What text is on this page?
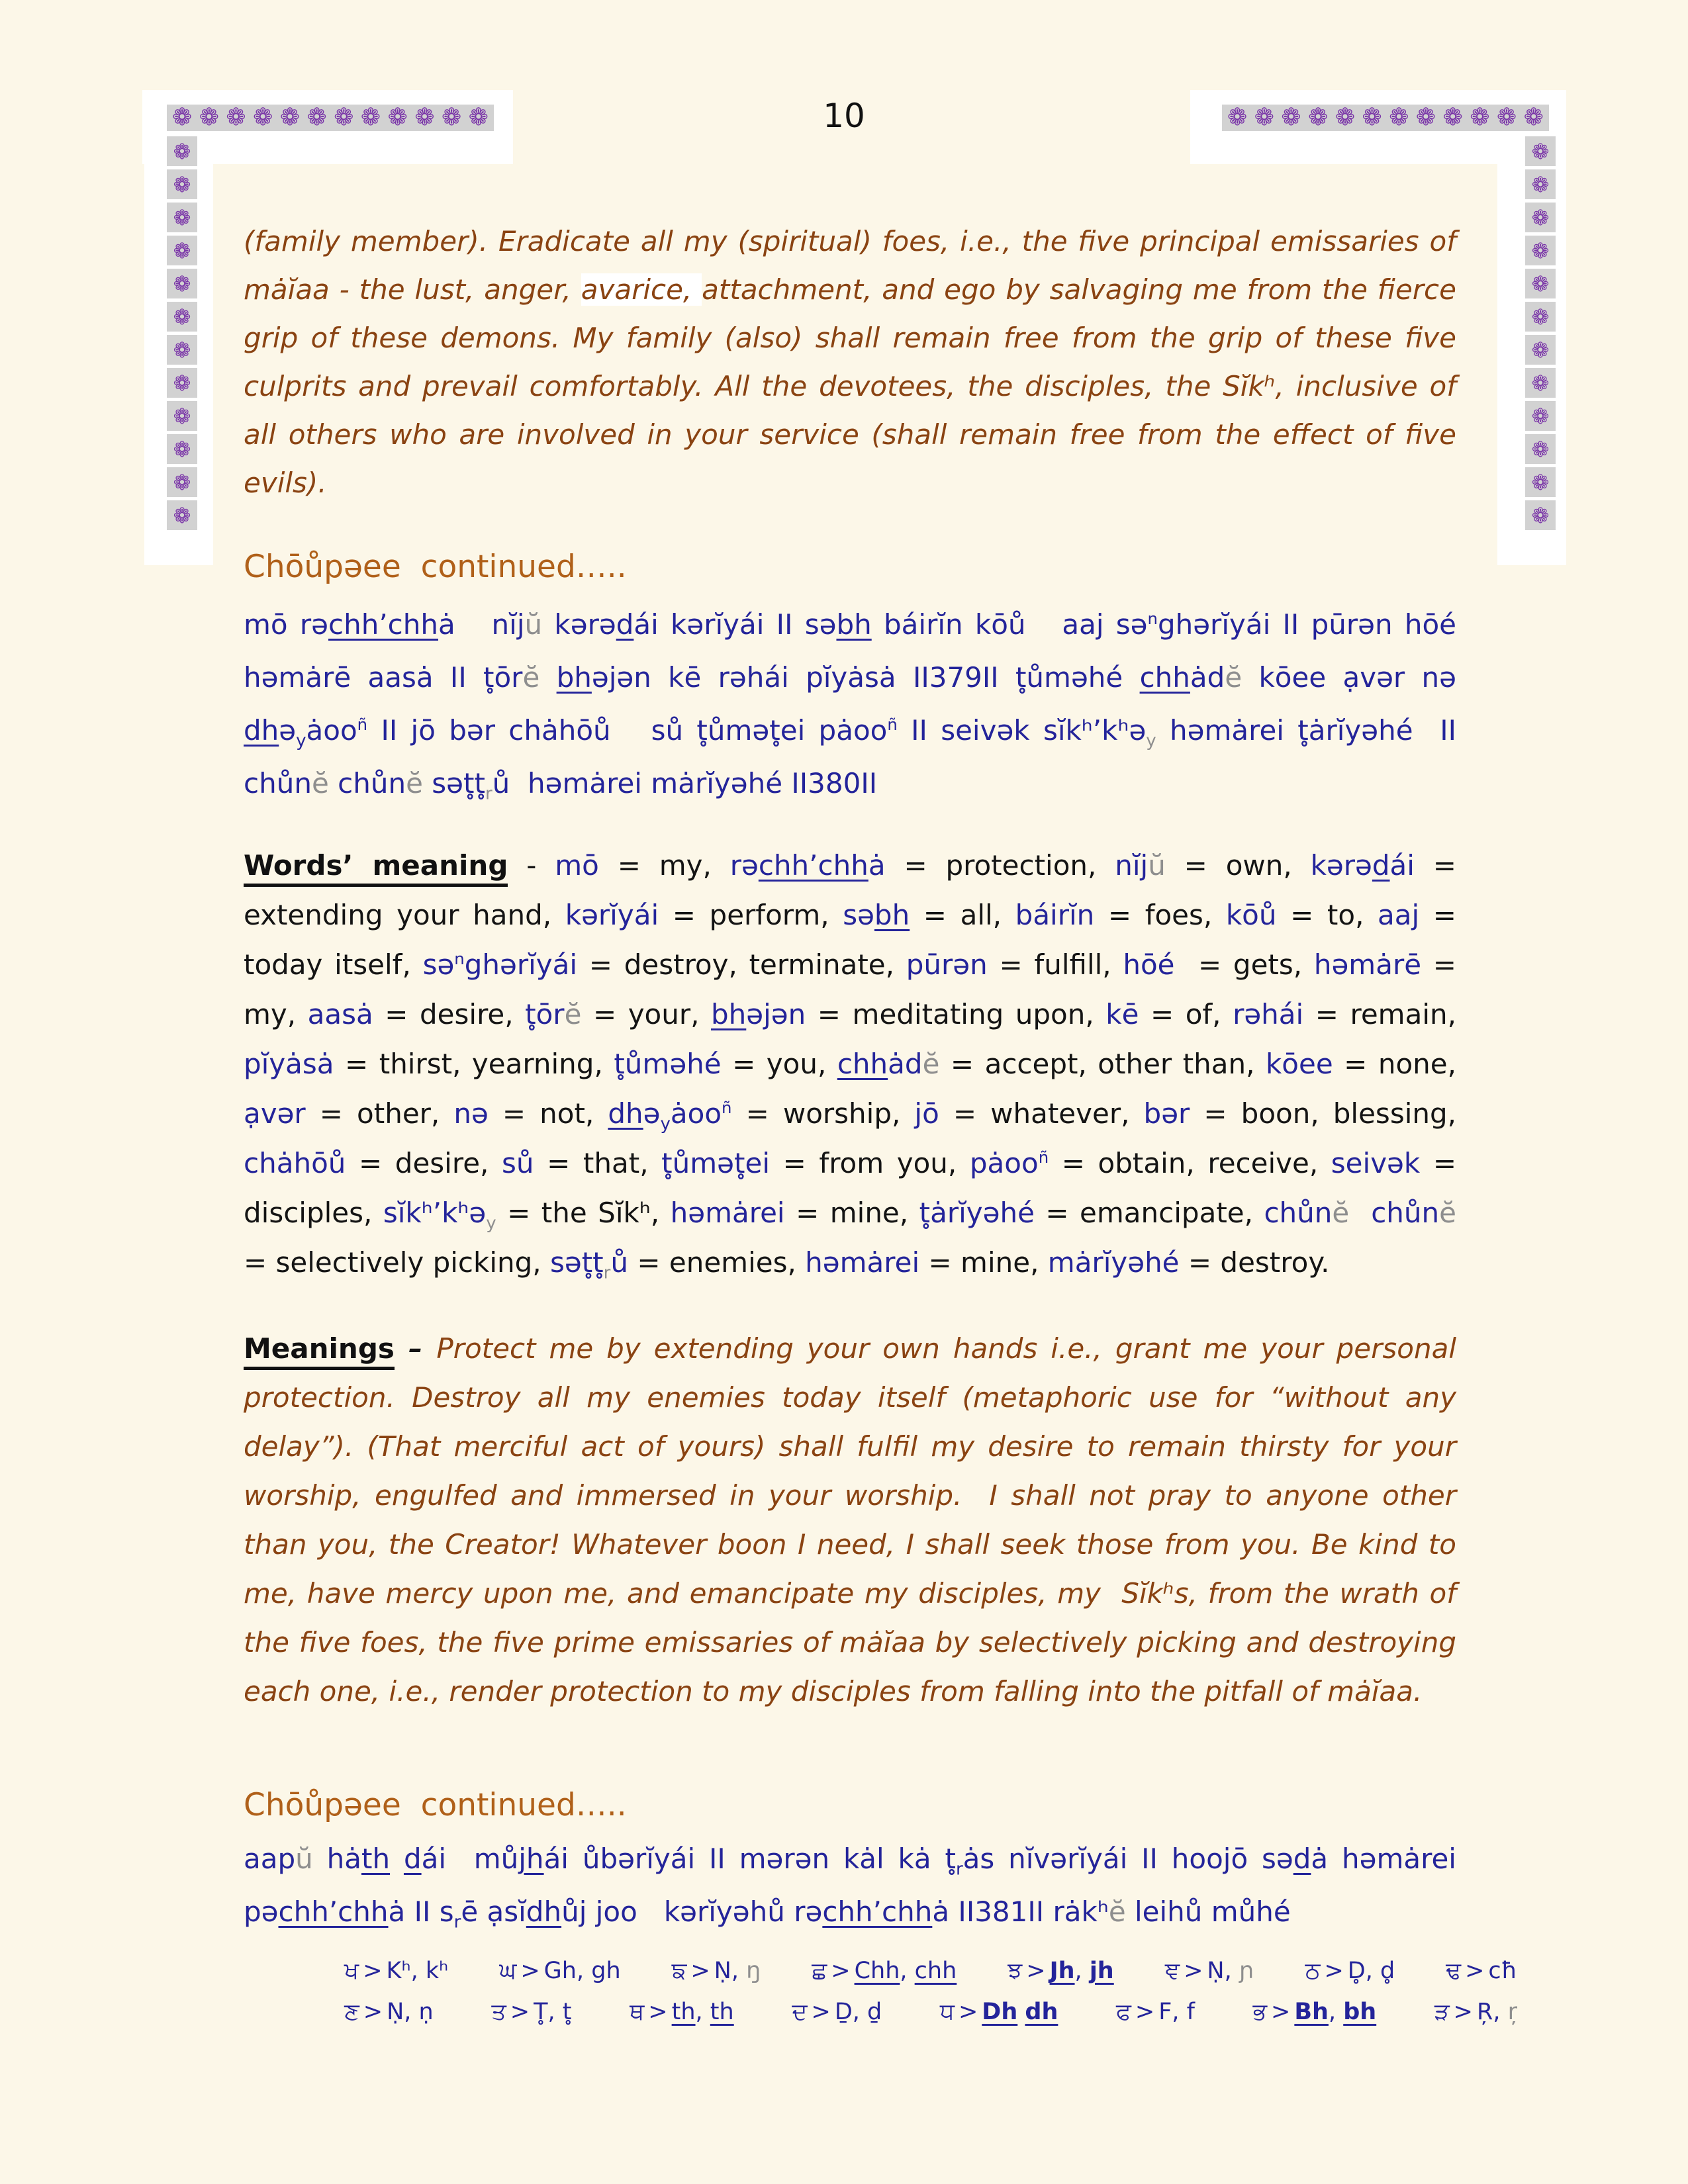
10
❁ ❁ ❁ ❁ ❁ ❁ ❁ ❁ ❁ ❁ ❁ ❁	❁ ❁ ❁ ❁ ❁ ❁ ❁ ❁ ❁ ❁ ❁ ❁
❁
❁
❁
❁
❁
❁
❁
❁
❁
❁
❁
❁
❁
❁
❁
❁
❁
❁
❁
❁
❁
❁
❁
❁

(family member). Eradicate all my (spiritual) foes, i.e., the five principal emissaries of mȧĭaa - the lust, anger, avarice, attachment, and ego by salvaging me from the fierce grip of these demons. My family (also) shall remain free from the grip of these five culprits and prevail comfortably. All the devotees, the disciples, the Sĭkʰ, inclusive of all others who are involved in your service (shall remain free from the effect of five evils).

Chōůpəee  continued…..

mō rəchh’chhȧ   nĭjŭ kərədái kərĭyái II səbh báirĭn kōů   aaj sə$^n$ghərĭyái II pūrən hōé həmȧrē aasȧ II t̥ōrĕ bhəjən kē rəhái pĭyȧsȧ II379II t̥ůməhé chhȧdĕ kōee ạvər nə dhə$_y$ȧoo$^ñ$ II jō bər chȧhōů   sů t̥ůmət̥ei pȧoo$^ñ$ II seivək sĭkʰ’kʰə$_y$ həmȧrei t̥ȧrĭyəhé  II chůnĕ chůnĕ $sət̥t̥_rů$  həmȧrei mȧrĭyəhé II380II

Words’ meaning - mō = my, rəchh’chhȧ = protection, nĭjŭ = own, kərədái = extending your hand, kərĭyái = perform, səbh = all, báirĭn = foes, kōů = to, aaj = today itself, sə$^n$ghərĭyái = destroy, terminate, pūrən = fulfill, hōé  = gets, həmȧrē = my, aasȧ = desire, t̥ōrĕ = your, bhəjən = meditating upon, kē = of, rəhái = remain, pĭyȧsȧ = thirst, yearning, t̥ůməhé = you, chhȧdĕ = accept, other than, kōee = none, ạvər = other, nə = not, dhə$_y$ȧoo$^ñ$ = worship, jō = whatever, bər = boon, blessing, chȧhōů = desire, sů = that, t̥ůmət̥ei = from you, pȧoo$^ñ$ = obtain, receive, seivək = disciples, sĭkʰ’kʰə$_y$ = the Sĭkʰ, həmȧrei = mine, t̥ȧrĭyəhé = emancipate, chůnĕ chůnĕ = selectively picking, $sət̥t̥_rů$ = enemies, həmȧrei = mine, mȧrĭyəhé = destroy.

Meanings – Protect me by extending your own hands i.e., grant me your personal protection. Destroy all my enemies today itself (metaphoric use for “without any delay”). (That merciful act of yours) shall fulfil my desire to remain thirsty for your worship, engulfed and immersed in your worship.  I shall not pray to anyone other than you, the Creator! Whatever boon I need, I shall seek those from you. Be kind to me, have mercy upon me, and emancipate my disciples, my  Sĭkʰs, from the wrath of the five foes, the five prime emissaries of mȧĭaa by selectively picking and destroying each one, i.e., render protection to my disciples from falling into the pitfall of mȧĭaa.

Chōůpəee  continued…..

aapŭ hȧth dái  můjhái ůbərĭyái II mərən kȧl kȧ $t̥_rȧs$ nĭvərĭyái II hoojō sədȧ həmȧrei pəchh’chhȧ II $s_rē$ ạsĭdhůj joo   kərĭyəhů rəchh’chhȧ II381II rȧkʰĕ leihů můhé

ਖ > Kʰ, kʰ ਘ > Gh, gh ਙ > Ṇ, ŋ ਛ > Chh, chh ਝ > Jh, jh ਞ > Ṇ, ɲ ਠ > D̥, d̥ ਢ > cħ
ਣ > Ṇ, ṇ	ਤ > T̥, t̥	ਥ > th, th	ਦ > Ḏ, ḏ	ਧ > Dh dh	ਫ > F, f	ਭ > Bh, bh	ੜ > R̦, r̦
